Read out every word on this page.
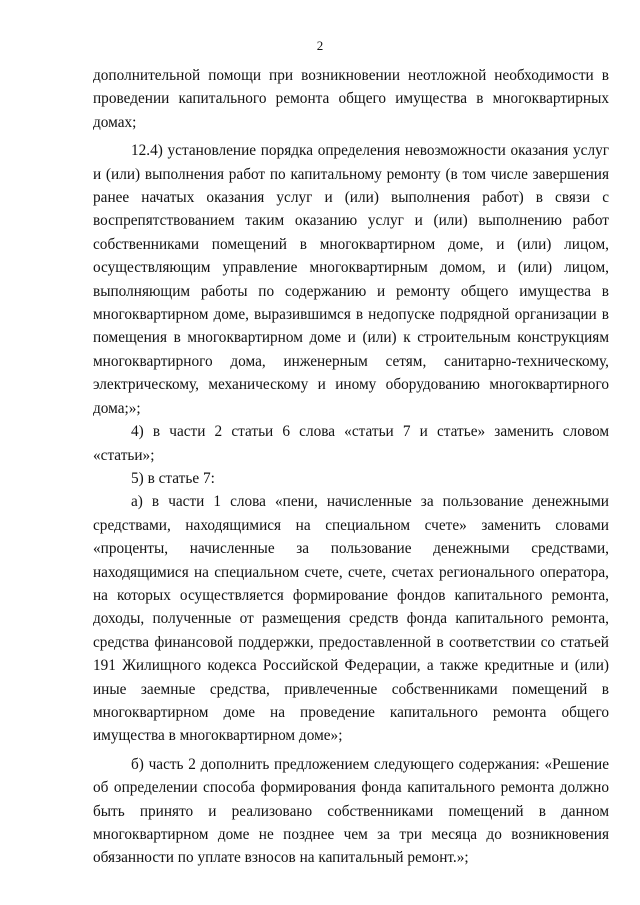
2

дополнительной помощи при возникновении неотложной необходимости в проведении капитального ремонта общего имущества в многоквартирных домах;

12.4) установление порядка определения невозможности оказания услуг и (или) выполнения работ по капитальному ремонту (в том числе завершения ранее начатых оказания услуг и (или) выполнения работ) в связи с воспрепятствованием таким оказанию услуг и (или) выполнению работ собственниками помещений в многоквартирном доме, и (или) лицом, осуществляющим управление многоквартирным домом, и (или) лицом, выполняющим работы по содержанию и ремонту общего имущества в многоквартирном доме, выразившимся в недопуске подрядной организации в помещения в многоквартирном доме и (или) к строительным конструкциям многоквартирного дома, инженерным сетям, санитарно-техническому, электрическому, механическому и иному оборудованию многоквартирного дома;»;

4) в части 2 статьи 6 слова «статьи 7 и статье» заменить словом «статьи»;

5) в статье 7:

а) в части 1 слова «пени, начисленные за пользование денежными средствами, находящимися на специальном счете» заменить словами «проценты, начисленные за пользование денежными средствами, находящимися на специальном счете, счете, счетах регионального оператора, на которых осуществляется формирование фондов капитального ремонта, доходы, полученные от размещения средств фонда капитального ремонта, средства финансовой поддержки, предоставленной в соответствии со статьей 191 Жилищного кодекса Российской Федерации, а также кредитные и (или) иные заемные средства, привлеченные собственниками помещений в многоквартирном доме на проведение капитального ремонта общего имущества в многоквартирном доме»;

б) часть 2 дополнить предложением следующего содержания: «Решение об определении способа формирования фонда капитального ремонта должно быть принято и реализовано собственниками помещений в данном многоквартирном доме не позднее чем за три месяца до возникновения обязанности по уплате взносов на капитальный ремонт.»;
